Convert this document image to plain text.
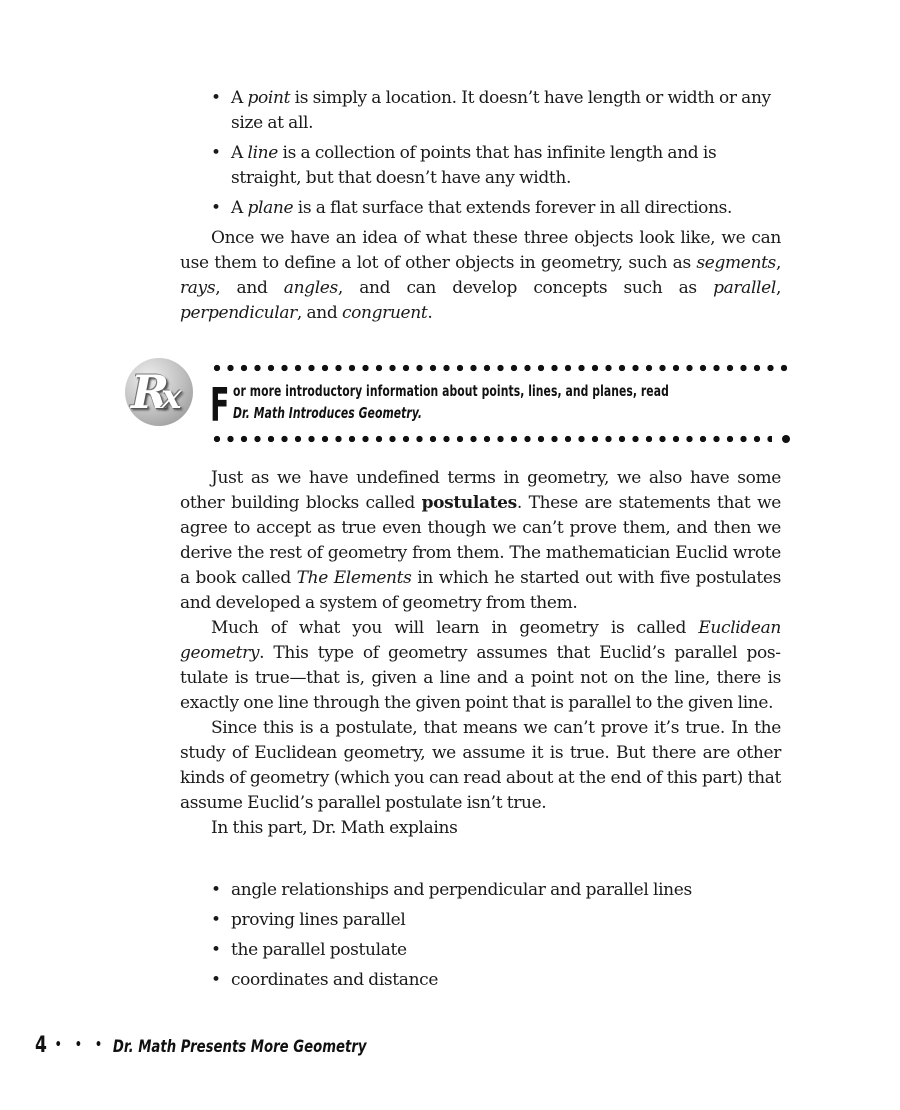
• A point is simply a location. It doesn’t have length or width or any size at all.
• A line is a collection of points that has infinite length and is straight, but that doesn’t have any width.
• A plane is a flat surface that extends forever in all directions.

Once we have an idea of what these three objects look like, we can use them to define a lot of other objects in geometry, such as segments, rays, and angles, and can develop concepts such as parallel, perpendicular, and congruent.

Rx F or more introductory information about points, lines, and planes, read
Dr. Math Introduces Geometry.

Just as we have undefined terms in geometry, we also have some other building blocks called postulates. These are statements that we agree to accept as true even though we can’t prove them, and then we derive the rest of geometry from them. The mathematician Euclid wrote a book called The Elements in which he started out with five postulates and developed a system of geometry from them.

Much of what you will learn in geometry is called Euclidean geometry. This type of geometry assumes that Euclid’s parallel postulate is true—that is, given a line and a point not on the line, there is exactly one line through the given point that is parallel to the given line.

Since this is a postulate, that means we can’t prove it’s true. In the study of Euclidean geometry, we assume it is true. But there are other kinds of geometry (which you can read about at the end of this part) that assume Euclid’s parallel postulate isn’t true.

In this part, Dr. Math explains

• angle relationships and perpendicular and parallel lines
• proving lines parallel
• the parallel postulate
• coordinates and distance
4 • • • Dr. Math Presents More Geometry
